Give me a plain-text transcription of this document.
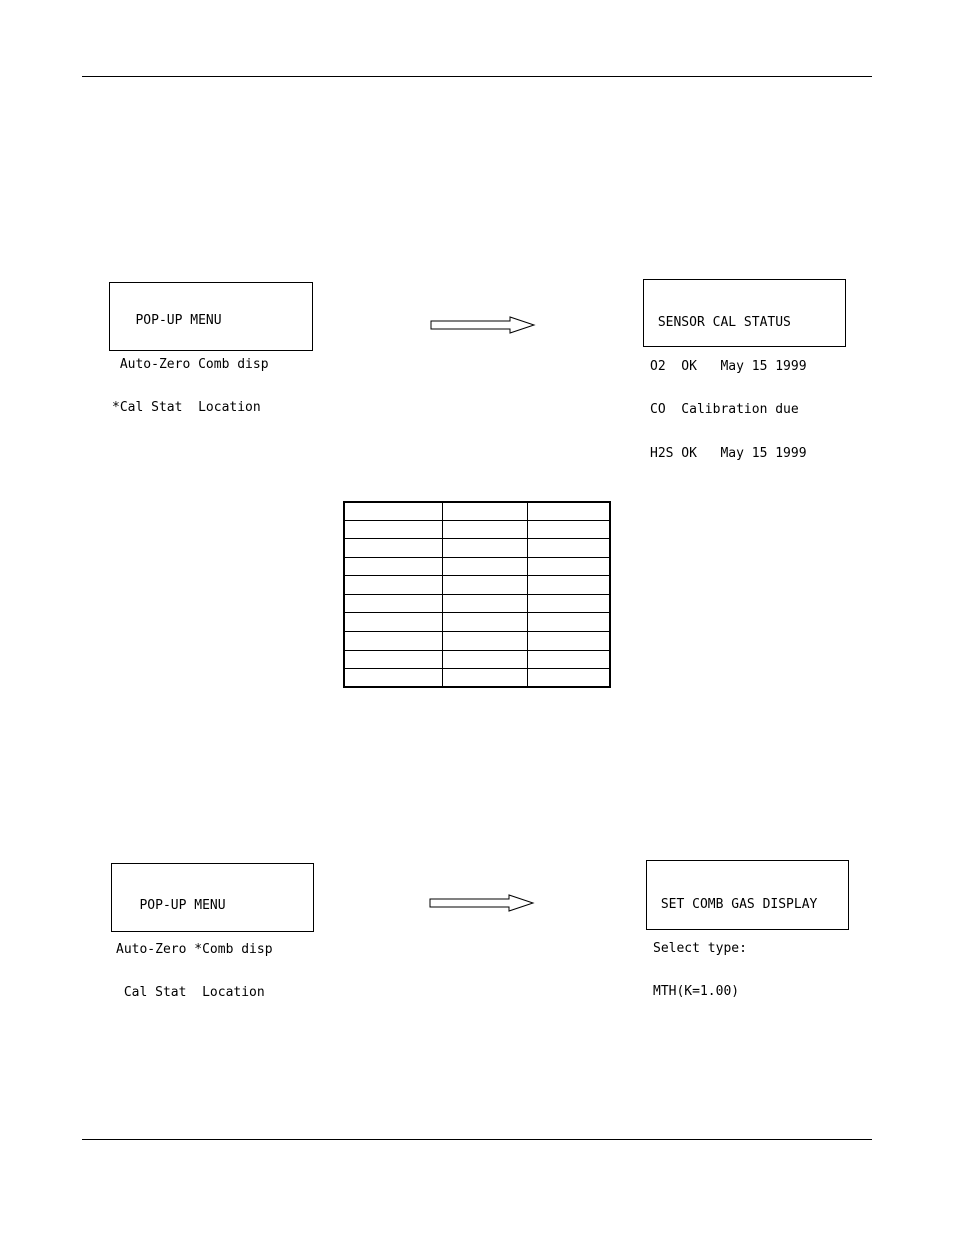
POP-UP MENU

Auto-Zero Comb disp

*Cal Stat  Location

SENSOR CAL STATUS

O2  OK   May 15 1999

CO  Calibration due

H2S OK   May 15 1999

POP-UP MENU

Auto-Zero *Comb disp

Cal Stat  Location

SET COMB GAS DISPLAY

Select type:

MTH(K=1.00)
